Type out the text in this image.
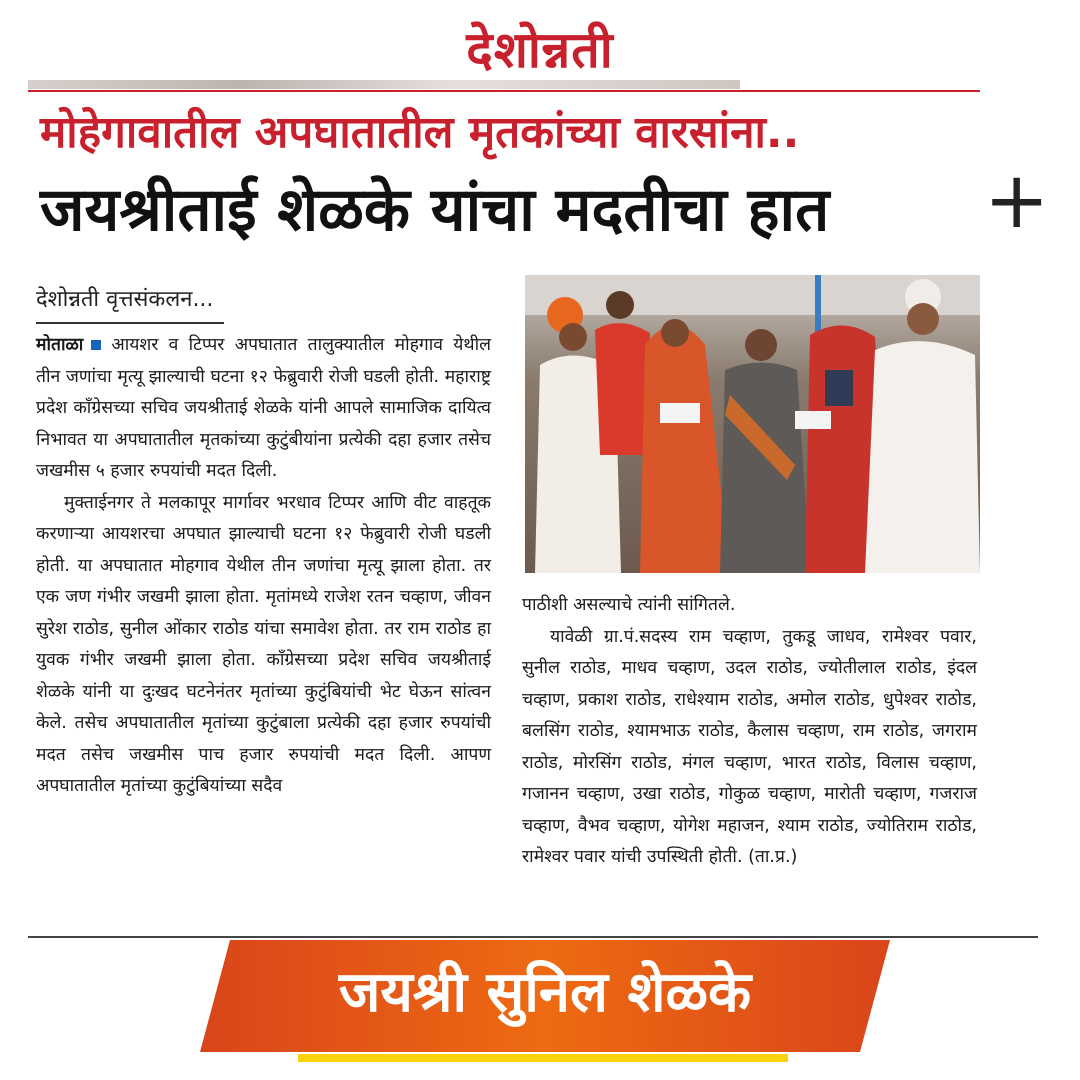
देशोन्नती
मोहेगावातील अपघातातील मृतकांच्या वारसांना..
जयश्रीताई शेळके यांचा मदतीचा हात	+
देशोन्नती वृत्तसंकलन...

मोताळा आयशर व टिप्पर अपघातात तालुक्यातील मोहगाव येथील तीन जणांचा मृत्यू झाल्याची घटना १२ फेब्रुवारी रोजी घडली होती. महाराष्ट्र प्रदेश काँग्रेसच्या सचिव जयश्रीताई शेळके यांनी आपले सामाजिक दायित्व निभावत या अपघातातील मृतकांच्या कुटुंबीयांना प्रत्येकी दहा हजार तसेच जखमीस ५ हजार रुपयांची मदत दिली.

मुक्ताईनगर ते मलकापूर मार्गावर भरधाव टिप्पर आणि वीट वाहतूक करणाऱ्या आयशरचा अपघात झाल्याची घटना १२ फेब्रुवारी रोजी घडली होती. या अपघातात मोहगाव येथील तीन जणांचा मृत्यू झाला होता. तर एक जण गंभीर जखमी झाला होता. मृतांमध्ये राजेश रतन चव्हाण, जीवन सुरेश राठोड, सुनील ओंकार राठोड यांचा समावेश होता. तर राम राठोड हा युवक गंभीर जखमी झाला होता. काँग्रेसच्या प्रदेश सचिव जयश्रीताई शेळके यांनी या दुःखद घटनेनंतर मृतांच्या कुटुंबियांची भेट घेऊन सांत्वन केले. तसेच अपघातातील मृतांच्या कुटुंबाला प्रत्येकी दहा हजार रुपयांची मदत तसेच जखमीस पाच हजार रुपयांची मदत दिली. आपण अपघातातील मृतांच्या कुटुंबियांच्या सदैव

पाठीशी असल्याचे त्यांनी सांगितले.

यावेळी ग्रा.पं.सदस्य राम चव्हाण, तुकडू जाधव, रामेश्वर पवार, सुनील राठोड, माधव चव्हाण, उदल राठोड, ज्योतीलाल राठोड, इंदल चव्हाण, प्रकाश राठोड, राधेश्याम राठोड, अमोल राठोड, धुपेश्वर राठोड, बलसिंग राठोड, श्यामभाऊ राठोड, कैलास चव्हाण, राम राठोड, जगराम राठोड, मोरसिंग राठोड, मंगल चव्हाण, भारत राठोड, विलास चव्हाण, गजानन चव्हाण, उखा राठोड, गोकुळ चव्हाण, मारोती चव्हाण, गजराज चव्हाण, वैभव चव्हाण, योगेश महाजन, श्याम राठोड, ज्योतिराम राठोड, रामेश्वर पवार यांची उपस्थिती होती. (ता.प्र.)

जयश्री सुनिल शेळके
